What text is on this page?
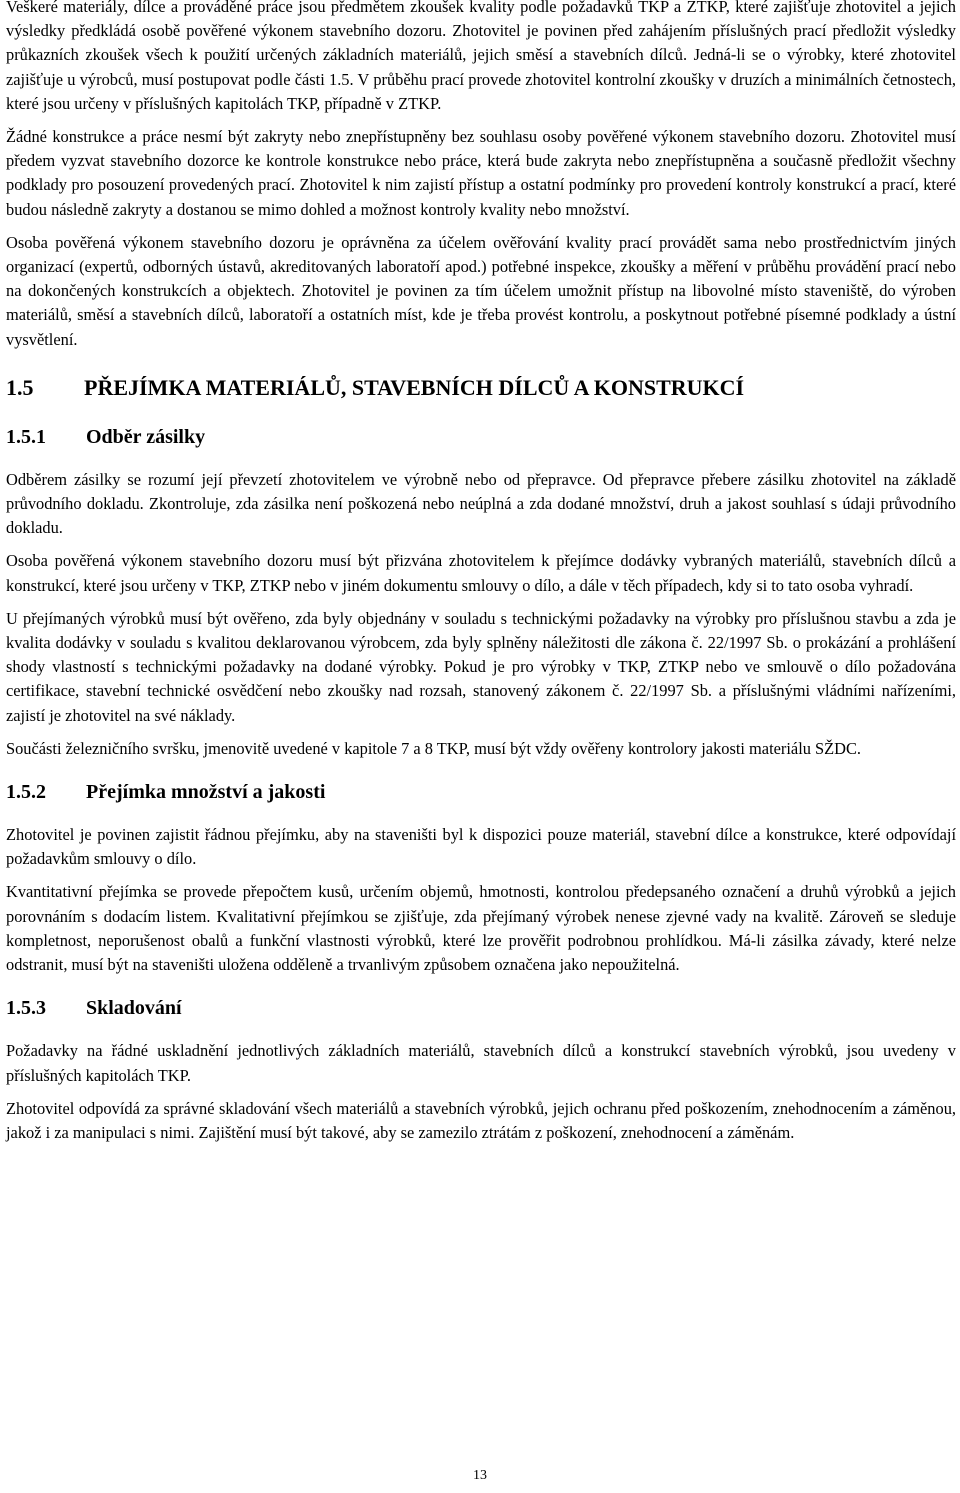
Veškeré materiály, dílce a prováděné práce jsou předmětem zkoušek kvality podle požadavků TKP a ZTKP, které zajišťuje zhotovitel a jejich výsledky předkládá osobě pověřené výkonem stavebního dozoru. Zhotovitel je povinen před zahájením příslušných prací předložit výsledky průkazních zkoušek všech k použití určených základních materiálů, jejich směsí a stavebních dílců. Jedná-li se o výrobky, které zhotovitel zajišťuje u výrobců, musí postupovat podle části 1.5. V průběhu prací provede zhotovitel kontrolní zkoušky v druzích a minimálních četnostech, které jsou určeny v příslušných kapitolách TKP, případně v ZTKP.

Žádné konstrukce a práce nesmí být zakryty nebo znepřístupněny bez souhlasu osoby pověřené výkonem stavebního dozoru. Zhotovitel musí předem vyzvat stavebního dozorce ke kontrole konstrukce nebo práce, která bude zakryta nebo znepřístupněna a současně předložit všechny podklady pro posouzení provedených prací. Zhotovitel k nim zajistí přístup a ostatní podmínky pro provedení kontroly konstrukcí a prací, které budou následně zakryty a dostanou se mimo dohled a možnost kontroly kvality nebo množství.

Osoba pověřená výkonem stavebního dozoru je oprávněna za účelem ověřování kvality prací provádět sama nebo prostřednictvím jiných organizací (expertů, odborných ústavů, akreditovaných laboratoří apod.) potřebné inspekce, zkoušky a měření v průběhu provádění prací nebo na dokončených konstrukcích a objektech. Zhotovitel je povinen za tím účelem umožnit přístup na libovolné místo staveniště, do výroben materiálů, směsí a stavebních dílců, laboratoří a ostatních míst, kde je třeba provést kontrolu, a poskytnout potřebné písemné podklady a ústní vysvětlení.

1.5 PŘEJÍMKA MATERIÁLŮ, STAVEBNÍCH DÍLCŮ A KONSTRUKCÍ
1.5.1 Odběr zásilky

Odběrem zásilky se rozumí její převzetí zhotovitelem ve výrobně nebo od přepravce. Od přepravce přebere zásilku zhotovitel na základě průvodního dokladu. Zkontroluje, zda zásilka není poškozená nebo neúplná a zda dodané množství, druh a jakost souhlasí s údaji průvodního dokladu.

Osoba pověřená výkonem stavebního dozoru musí být přizvána zhotovitelem k přejímce dodávky vybraných materiálů, stavebních dílců a konstrukcí, které jsou určeny v TKP, ZTKP nebo v jiném dokumentu smlouvy o dílo, a dále v těch případech, kdy si to tato osoba vyhradí.

U přejímaných výrobků musí být ověřeno, zda byly objednány v souladu s technickými požadavky na výrobky pro příslušnou stavbu a zda je kvalita dodávky v souladu s kvalitou deklarovanou výrobcem, zda byly splněny náležitosti dle zákona č. 22/1997 Sb. o prokázání a prohlášení shody vlastností s technickými požadavky na dodané výrobky. Pokud je pro výrobky v TKP, ZTKP nebo ve smlouvě o dílo požadována certifikace, stavební technické osvědčení nebo zkoušky nad rozsah, stanovený zákonem č. 22/1997 Sb. a příslušnými vládními nařízeními, zajistí je zhotovitel na své náklady.

Součásti železničního svršku, jmenovitě uvedené v kapitole 7 a 8 TKP, musí být vždy ověřeny kontrolory jakosti materiálu SŽDC.

1.5.2 Přejímka množství a jakosti

Zhotovitel je povinen zajistit řádnou přejímku, aby na staveništi byl k dispozici pouze materiál, stavební dílce a konstrukce, které odpovídají požadavkům smlouvy o dílo.

Kvantitativní přejímka se provede přepočtem kusů, určením objemů, hmotnosti, kontrolou předepsaného označení a druhů výrobků a jejich porovnáním s dodacím listem. Kvalitativní přejímkou se zjišťuje, zda přejímaný výrobek nenese zjevné vady na kvalitě. Zároveň se sleduje kompletnost, neporušenost obalů a funkční vlastnosti výrobků, které lze prověřit podrobnou prohlídkou. Má-li zásilka závady, které nelze odstranit, musí být na staveništi uložena odděleně a trvanlivým způsobem označena jako nepoužitelná.

1.5.3 Skladování

Požadavky na řádné uskladnění jednotlivých základních materiálů, stavebních dílců a konstrukcí stavebních výrobků, jsou uvedeny v příslušných kapitolách TKP.

Zhotovitel odpovídá za správné skladování všech materiálů a stavebních výrobků, jejich ochranu před poškozením, znehodnocením a záměnou, jakož i za manipulaci s nimi. Zajištění musí být takové, aby se zamezilo ztrátám z poškození, znehodnocení a záměnám.

13
